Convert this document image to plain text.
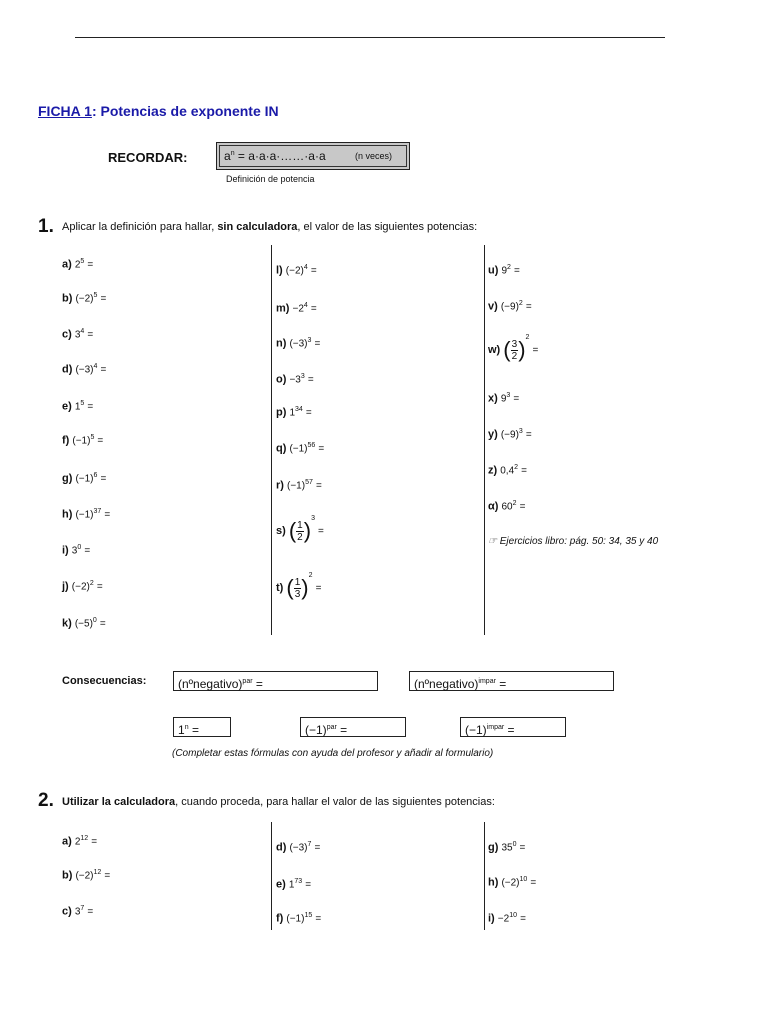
FICHA 1: Potencias de exponente IN
RECORDAR:	$a^n$ = a·a·a·……·a·a	(n veces)
Definición de potencia
1. Aplicar la definición para hallar, sin calculadora, el valor de las siguientes potencias:
a) $2^5$ =
b) $(-2)^5$ =
c) $3^4$ =
d) $(-3)^4$ =
e) $1^5$ =
f) $(-1)^5$ =
g) $(-1)^6$ =
h) $(-1)^{37}$ =
i) $3^0$ =
j) $(-2)^2$ =
k) $(-5)^0$ =
l) $(-2)^4$ =
$m) -2^4$ =
n) $(-3)^3$ =
$o) -3^3$ =
p) $1^{34}$ =
q) $(-1)^{56}$ =
r) $(-1)^{57}$ =
s) ( $\frac{1}{2} )^3$ =
t) ( $\frac{1}{3} )^2$ =
u) $9^2$ =
v) $(-9)^2$ =
w) ( $\frac{3}{2} )^2$ =
x) $9^3$ =
y) $(-9)^3$ =
z) $0,4^2$ =
α) $60^2$ =
☞ Ejercicios libro: pág. 50: 34, 35 y 40
Consecuencias:	(nºnegativo)$^{par}$ =	(nºnegativo)$^{impar}$ =
$1^n$ =	$(-1)^{par}$ =	$(-1)^{impar}$ =
(Completar estas fórmulas con ayuda del profesor y añadir al formulario)
2. Utilizar la calculadora, cuando proceda, para hallar el valor de las siguientes potencias:
a) $2^{12}$ =
b) $(-2)^{12}$ =
c) $3^7$ =
d) $(-3)^7$ =
e) $1^{73}$ =
f) $(-1)^{15}$ =
g) $35^0$ =
h) $(-2)^{10}$ =
$i) -2^{10}$ =
